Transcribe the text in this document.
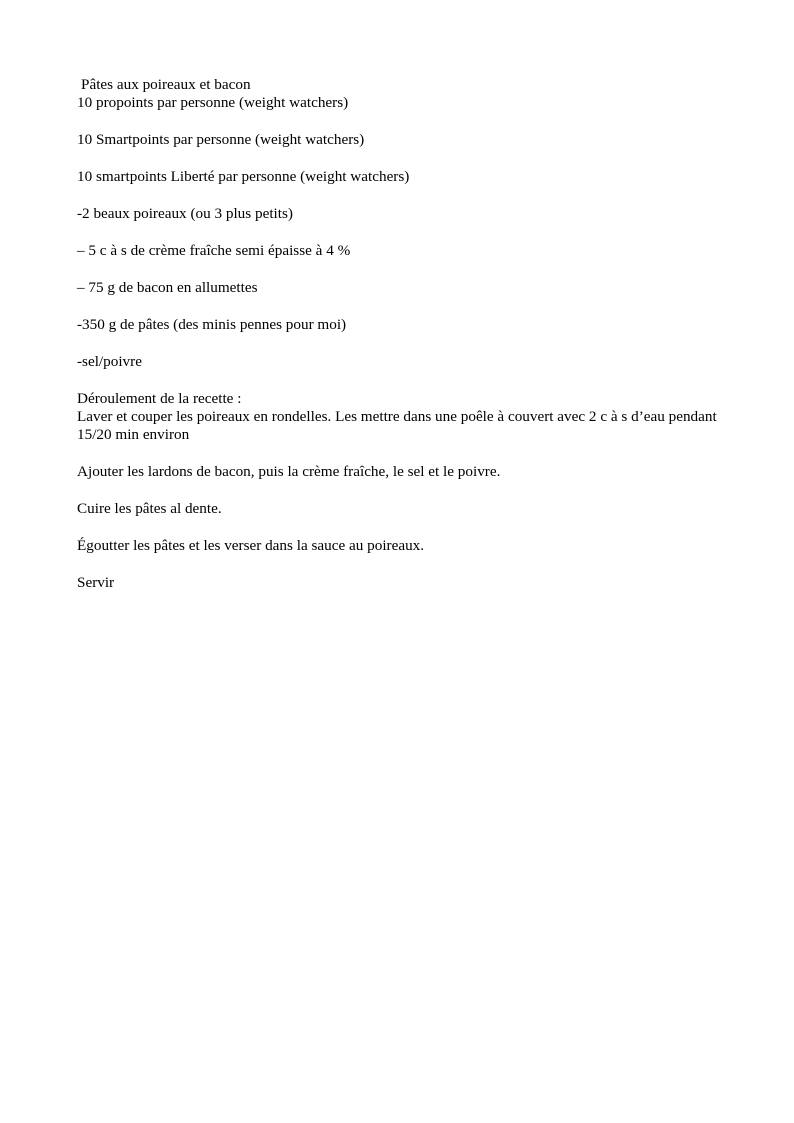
Pâtes aux poireaux et bacon
10 propoints par personne (weight watchers)
10 Smartpoints par personne (weight watchers)
10 smartpoints Liberté par personne (weight watchers)
-2 beaux poireaux (ou 3 plus petits)
– 5 c à s de crème fraîche semi épaisse à 4 %
– 75 g de bacon en allumettes
-350 g de pâtes (des minis pennes pour moi)
-sel/poivre
Déroulement de la recette :
Laver et couper les poireaux en rondelles. Les mettre dans une poêle à couvert avec 2 c à s d’eau pendant 15/20 min environ
Ajouter les lardons de bacon, puis la crème fraîche, le sel et le poivre.
Cuire les pâtes al dente.
Égoutter les pâtes et les verser dans la sauce au poireaux.
Servir
